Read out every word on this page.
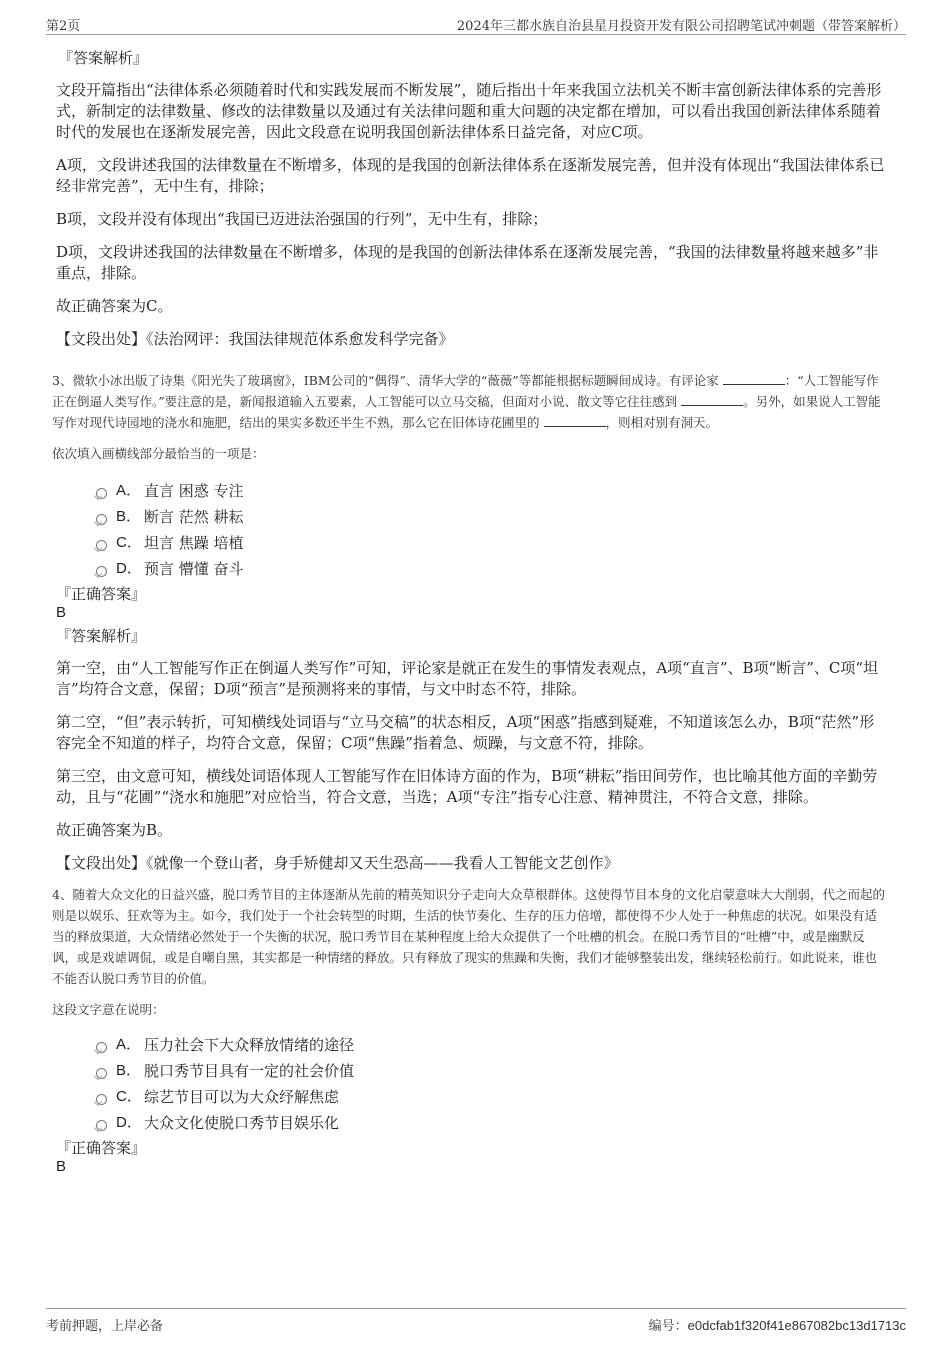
第2页	2024年三都水族自治县星月投资开发有限公司招聘笔试冲刺题（带答案解析）
『答案解析』

文段开篇指出“法律体系必须随着时代和实践发展而不断发展”，随后指出十年来我国立法机关不断丰富创新法律体系的完善形式，新制定的法律数量、修改的法律数量以及通过有关法律问题和重大问题的决定都在增加，可以看出我国创新法律体系随着时代的发展也在逐渐发展完善，因此文段意在说明我国创新法律体系日益完备，对应C项。

A项，文段讲述我国的法律数量在不断增多，体现的是我国的创新法律体系在逐渐发展完善，但并没有体现出“我国法律体系已经非常完善”，无中生有，排除；

B项，文段并没有体现出“我国已迈进法治强国的行列”，无中生有，排除；

D项，文段讲述我国的法律数量在不断增多，体现的是我国的创新法律体系在逐渐发展完善，“我国的法律数量将越来越多”非重点，排除。

故正确答案为C。

【文段出处】《法治网评：我国法律规范体系愈发科学完备》

3、微软小冰出版了诗集《阳光失了玻璃窗》，IBM公司的“偶得”、清华大学的“薇薇”等都能根据标题瞬间成诗。有评论家	：“人工智能写作正在倒逼人类写作。”要注意的是，新闻报道输入五要素，人工智能可以立马交稿，但面对小说、散文等它往往感到	。另外，如果说人工智能写作对现代诗园地的浇水和施肥，结出的果实多数还半生不熟，那么它在旧体诗花圃里的	，则相对别有洞天。

依次填入画横线部分最恰当的一项是：

A． 直言 困惑 专注
B． 断言 茫然 耕耘
C． 坦言 焦躁 培植
D． 预言 懵懂 奋斗
『正确答案』
B
『答案解析』

第一空，由“人工智能写作正在倒逼人类写作”可知，评论家是就正在发生的事情发表观点，A项“直言”、B项“断言”、C项“坦言”均符合文意，保留；D项“预言”是预测将来的事情，与文中时态不符，排除。

第二空，“但”表示转折，可知横线处词语与“立马交稿”的状态相反，A项“困惑”指感到疑难，不知道该怎么办，B项“茫然”形容完全不知道的样子，均符合文意，保留；C项“焦躁”指着急、烦躁，与文意不符，排除。

第三空，由文意可知，横线处词语体现人工智能写作在旧体诗方面的作为，B项“耕耘”指田间劳作，也比喻其他方面的辛勤劳动，且与“花圃”“浇水和施肥”对应恰当，符合文意，当选；A项“专注”指专心注意、精神贯注，不符合文意，排除。

故正确答案为B。

【文段出处】《就像一个登山者，身手矫健却又天生恐高——我看人工智能文艺创作》

4、随着大众文化的日益兴盛，脱口秀节目的主体逐渐从先前的精英知识分子走向大众草根群体。这使得节目本身的文化启蒙意味大大削弱，代之而起的则是以娱乐、狂欢等为主。如今，我们处于一个社会转型的时期，生活的快节奏化、生存的压力倍增，都使得不少人处于一种焦虑的状况。如果没有适当的释放渠道，大众情绪必然处于一个失衡的状况，脱口秀节目在某种程度上给大众提供了一个吐槽的机会。在脱口秀节目的“吐槽”中，或是幽默反讽，或是戏谑调侃，或是自嘲自黑，其实都是一种情绪的释放。只有释放了现实的焦躁和失衡，我们才能够整装出发，继续轻松前行。如此说来，谁也不能否认脱口秀节目的价值。

这段文字意在说明：

A． 压力社会下大众释放情绪的途径
B． 脱口秀节目具有一定的社会价值
C． 综艺节目可以为大众纾解焦虑
D． 大众文化使脱口秀节目娱乐化
『正确答案』
B
考前押题，上岸必备	编号：e0dcfab1f320f41e867082bc13d1713c
